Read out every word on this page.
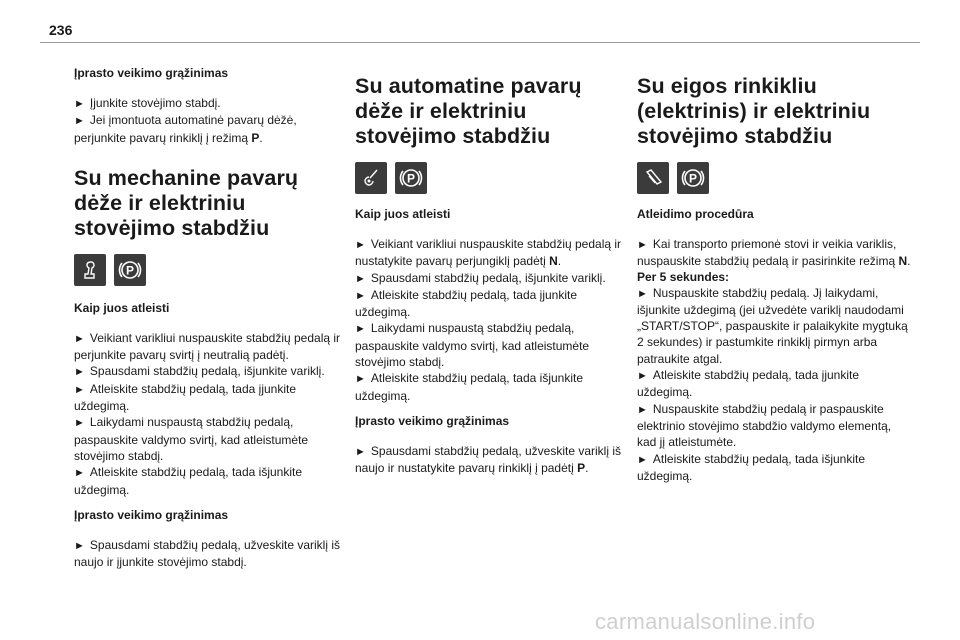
236
Įprasto veikimo grąžinimas
► Įjunkite stovėjimo stabdį.
► Jei įmontuota automatinė pavarų dėžė, perjunkite pavarų rinkiklį į režimą P.
Su mechanine pavarų dėže ir elektriniu stovėjimo stabdžiu
P
Kaip juos atleisti
► Veikiant varikliui nuspauskite stabdžių pedalą ir perjunkite pavarų svirtį į neutralią padėtį.
► Spausdami stabdžių pedalą, išjunkite variklį.
► Atleiskite stabdžių pedalą, tada įjunkite uždegimą.
► Laikydami nuspaustą stabdžių pedalą, paspauskite valdymo svirtį, kad atleistumėte stovėjimo stabdį.
► Atleiskite stabdžių pedalą, tada išjunkite uždegimą.
Įprasto veikimo grąžinimas
► Spausdami stabdžių pedalą, užveskite variklį iš naujo ir įjunkite stovėjimo stabdį.
Su automatine pavarų dėže ir elektriniu stovėjimo stabdžiu
P
Kaip juos atleisti
► Veikiant varikliui nuspauskite stabdžių pedalą ir nustatykite pavarų perjungiklį padėtį N.
► Spausdami stabdžių pedalą, išjunkite variklį.
► Atleiskite stabdžių pedalą, tada įjunkite uždegimą.
► Laikydami nuspaustą stabdžių pedalą, paspauskite valdymo svirtį, kad atleistumėte stovėjimo stabdį.
► Atleiskite stabdžių pedalą, tada išjunkite uždegimą.
Įprasto veikimo grąžinimas
► Spausdami stabdžių pedalą, užveskite variklį iš naujo ir nustatykite pavarų rinkiklį į padėtį P.
Su eigos rinkikliu (elektrinis) ir elektriniu stovėjimo stabdžiu
P
Atleidimo procedūra
► Kai transporto priemonė stovi ir veikia variklis, nuspauskite stabdžių pedalą ir pasirinkite režimą N.
Per 5 sekundes:
► Nuspauskite stabdžių pedalą. Jį laikydami, išjunkite uždegimą (jei užvedėte variklį naudodami „START/STOP“, paspauskite ir palaikykite mygtuką 2 sekundes) ir pastumkite rinkiklį pirmyn arba patraukite atgal.
► Atleiskite stabdžių pedalą, tada įjunkite uždegimą.
► Nuspauskite stabdžių pedalą ir paspauskite elektrinio stovėjimo stabdžio valdymo elementą, kad jį atleistumėte.
► Atleiskite stabdžių pedalą, tada išjunkite uždegimą.
carmanualsonline.info
